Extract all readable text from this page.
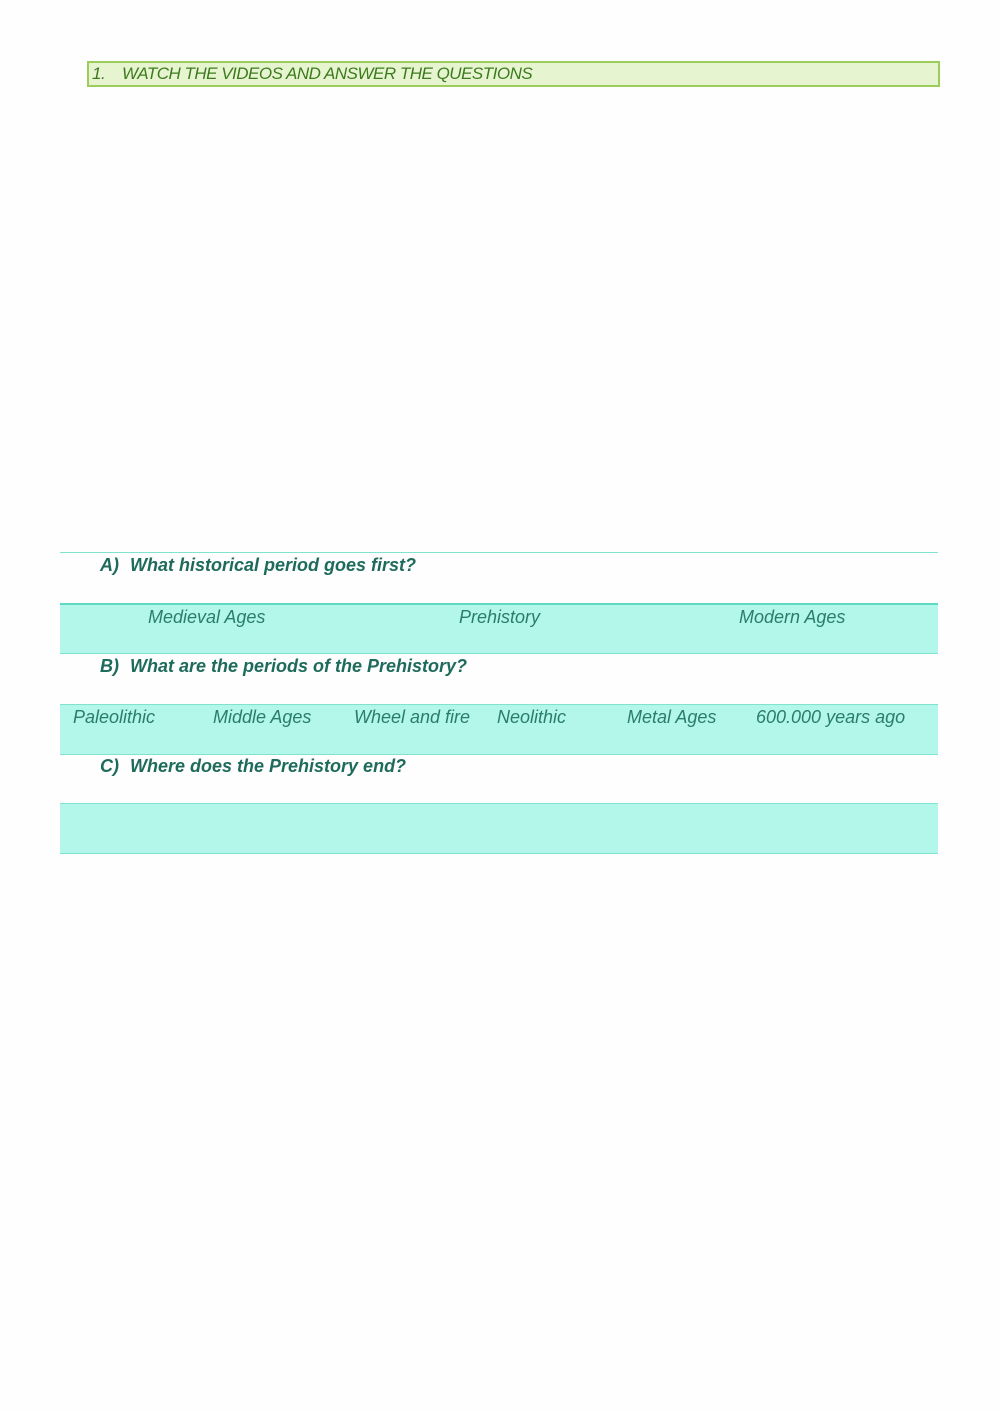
1. WATCH THE VIDEOS AND ANSWER THE QUESTIONS
A) What historical period goes first?
Medieval Ages	Prehistory	Modern Ages
B) What are the periods of the Prehistory?
Paleolithic	Middle Ages Wheel and fire Neolithic	Metal Ages 600.000 years ago
C) Where does the Prehistory end?
